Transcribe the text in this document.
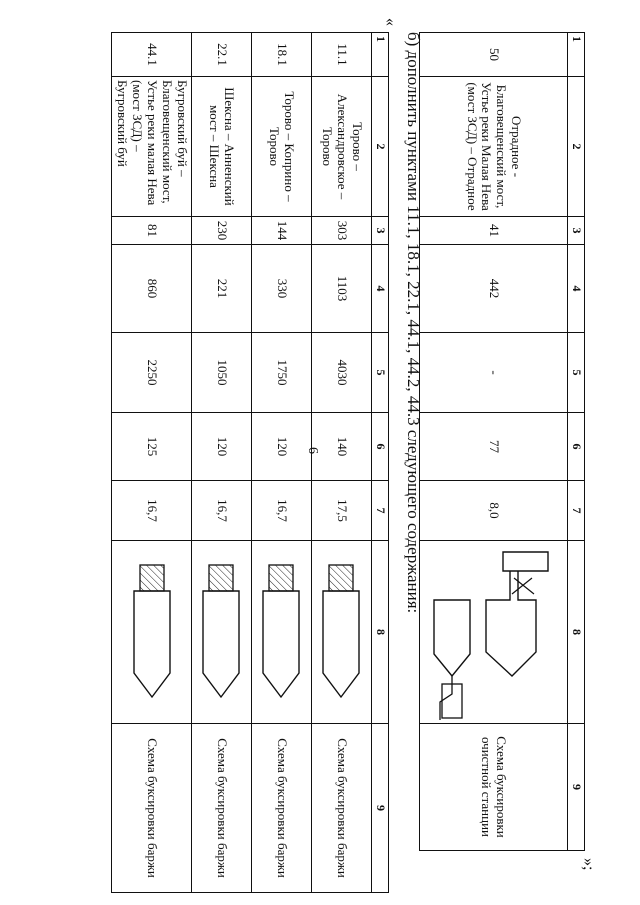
6
1	2	3	4	5	6	7	8	9
50	Отрадное - Благовещенский мост, Устье реки Малая Нева (мост ЗСД) – Отрадное	41	442	-	77	8,0		Схема буксировки очистной станции
»;
б) дополнить пунктами 11.1, 18.1, 22.1, 44.1, 44.2, 44.3 следующего содержания:
«
1	2	3	4	5	6	7	8	9
11.1	Торово – Александровское – Торово	303	1103	4030	140	17,5		Схема буксировки баржи
18.1	Торово – Коприно – Торово	144	330	1750	120	16,7		Схема буксировки баржи
22.1	Шексна – Анненский мост – Шексна	230	221	1050	120	16,7		Схема буксировки баржи
44.1	Бугровский буй – Благовещенский мост, Устье реки малая Нева (мост ЗСД) – Бугровский буй	81	860	2250	125	16,7		Схема буксировки баржи
